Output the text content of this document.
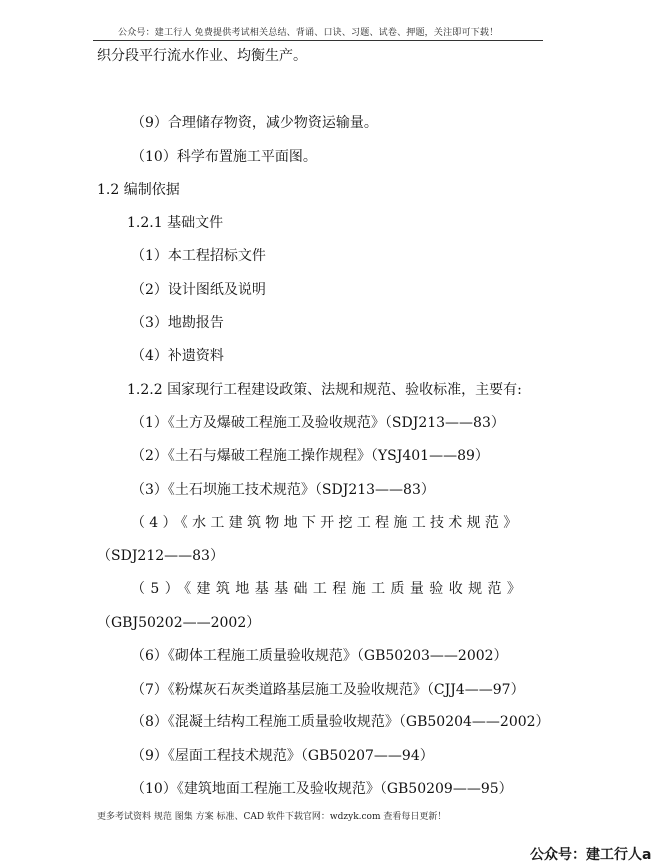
公众号：建工行人 免费提供考试相关总结、背诵、口诀、习题、试卷、押题，关注即可下载！
织分段平行流水作业、均衡生产。
（9）合理储存物资，减少物资运输量。
（10）科学布置施工平面图。
1.2 编制依据
1.2.1 基础文件
（1）本工程招标文件
（2）设计图纸及说明
（3）地勘报告
（4）补遗资料
1.2.2 国家现行工程建设政策、法规和规范、验收标准，主要有:
（1）《土方及爆破工程施工及验收规范》（SDJ213——83）
（2）《土石与爆破工程施工操作规程》（YSJ401——89）
（3）《土石坝施工技术规范》（SDJ213——83）
（4）《水工建筑物地下开挖工程施工技术规范》
（SDJ212——83）
（5）《建筑地基基础工程施工质量验收规范》
（GBJ50202——2002）
（6）《砌体工程施工质量验收规范》（GB50203——2002）
（7）《粉煤灰石灰类道路基层施工及验收规范》（CJJ4——97）
（8）《混凝土结构工程施工质量验收规范》（GB50204——2002）
（9）《屋面工程技术规范》（GB50207——94）
（10）《建筑地面工程施工及验收规范》（GB50209——95）
更多考试资料 规范 图集 方案 标准、CAD 软件下载官网：wdzyk.com 查看每日更新！
公众号：建工行人a
